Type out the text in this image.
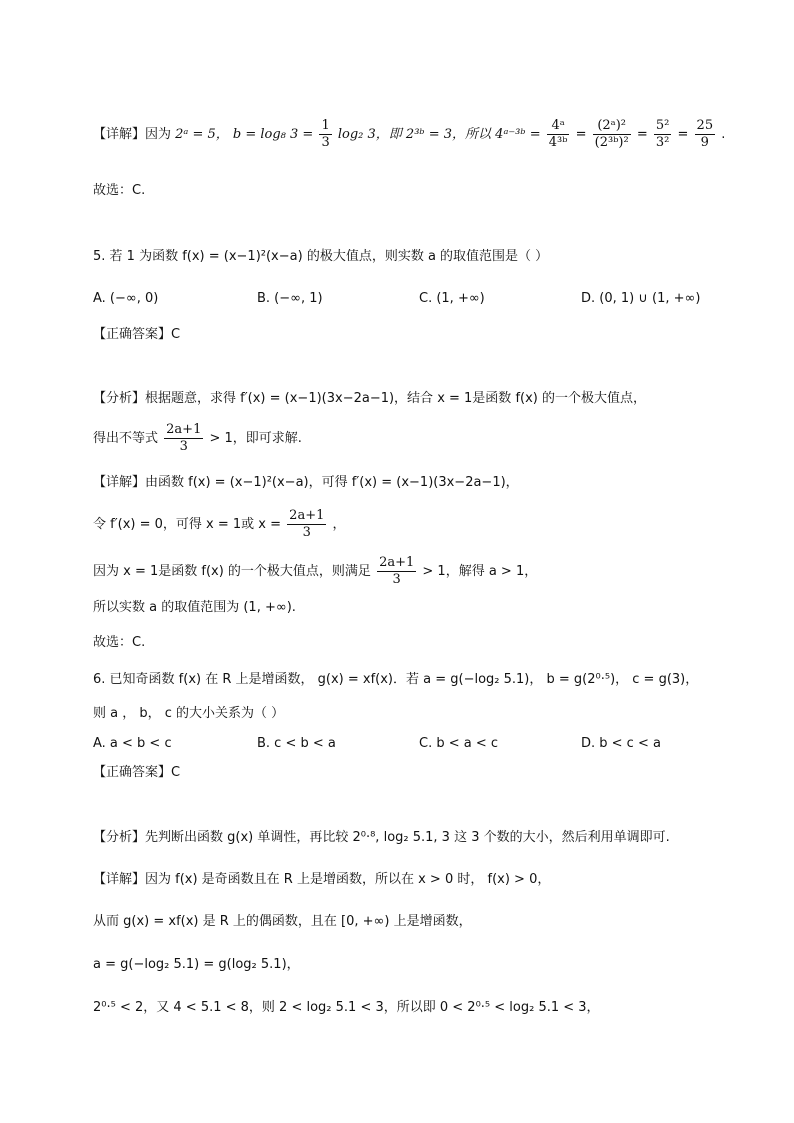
【详解】因为 2ᵃ = 5， b = log₈ $3 = \frac{1}{3} \log_2$ 3，即 2³ᵇ = 3，所以 4ᵃ⁻³ᵇ = $\frac{\text{4ᵃ}}{\text{4³ᵇ}} = \frac{\text{(2ᵃ)²}}{\text{(2³ᵇ)²}} = \frac{\text{5²}}{\text{3²}} = \frac{25}{9}$ .
故选：C.
5. 若 1 为函数 f(x) = (x−1)²(x−a) 的极大值点，则实数 a 的取值范围是（ ）
A. (−∞, 0)	B. (−∞, 1)	C. (1, +∞)	D. (0, 1) ∪ (1, +∞)
【正确答案】C
【分析】根据题意，求得 f′(x) = (x−1)(3x−2a−1)，结合 x = 1是函数 f(x) 的一个极大值点，
得出不等式 $\frac{2a+1}{3} > 1$，即可求解.
【详解】由函数 f(x) = (x−1)²(x−a)，可得 f′(x) = (x−1)(3x−2a−1)，
令 f′(x) = 0，可得 x = 1或 $x = \frac{2a+1}{3}$ ，
因为 x = 1是函数 f(x) 的一个极大值点，则满足 $\frac{2a+1}{3} > 1$，解得 a > 1，
所以实数 a 的取值范围为 (1, +∞).
故选：C.
6. 已知奇函数 f(x) 在 R 上是增函数， g(x) = xf(x)．若 a = g(−log₂ 5.1)， b = g(2⁰·⁵)， c = g(3)，
则 a ， b， c 的大小关系为（ ）
A. a < b < c	B. c < b < a	C. b < a < c	D. b < c < a
【正确答案】C
【分析】先判断出函数 g(x) 单调性，再比较 2⁰·⁸, log₂ 5.1, 3 这 3 个数的大小，然后利用单调即可.
【详解】因为 f(x) 是奇函数且在 R 上是增函数，所以在 x > 0 时， f(x) > 0，
从而 g(x) = xf(x) 是 R 上的偶函数，且在 [0, +∞) 上是增函数，
a = g(−log₂ 5.1) = g(log₂ 5.1)，
2⁰·⁵ < 2，又 4 < 5.1 < 8，则 2 < log₂ 5.1 < 3，所以即 0 < 2⁰·⁵ < log₂ 5.1 < 3，
